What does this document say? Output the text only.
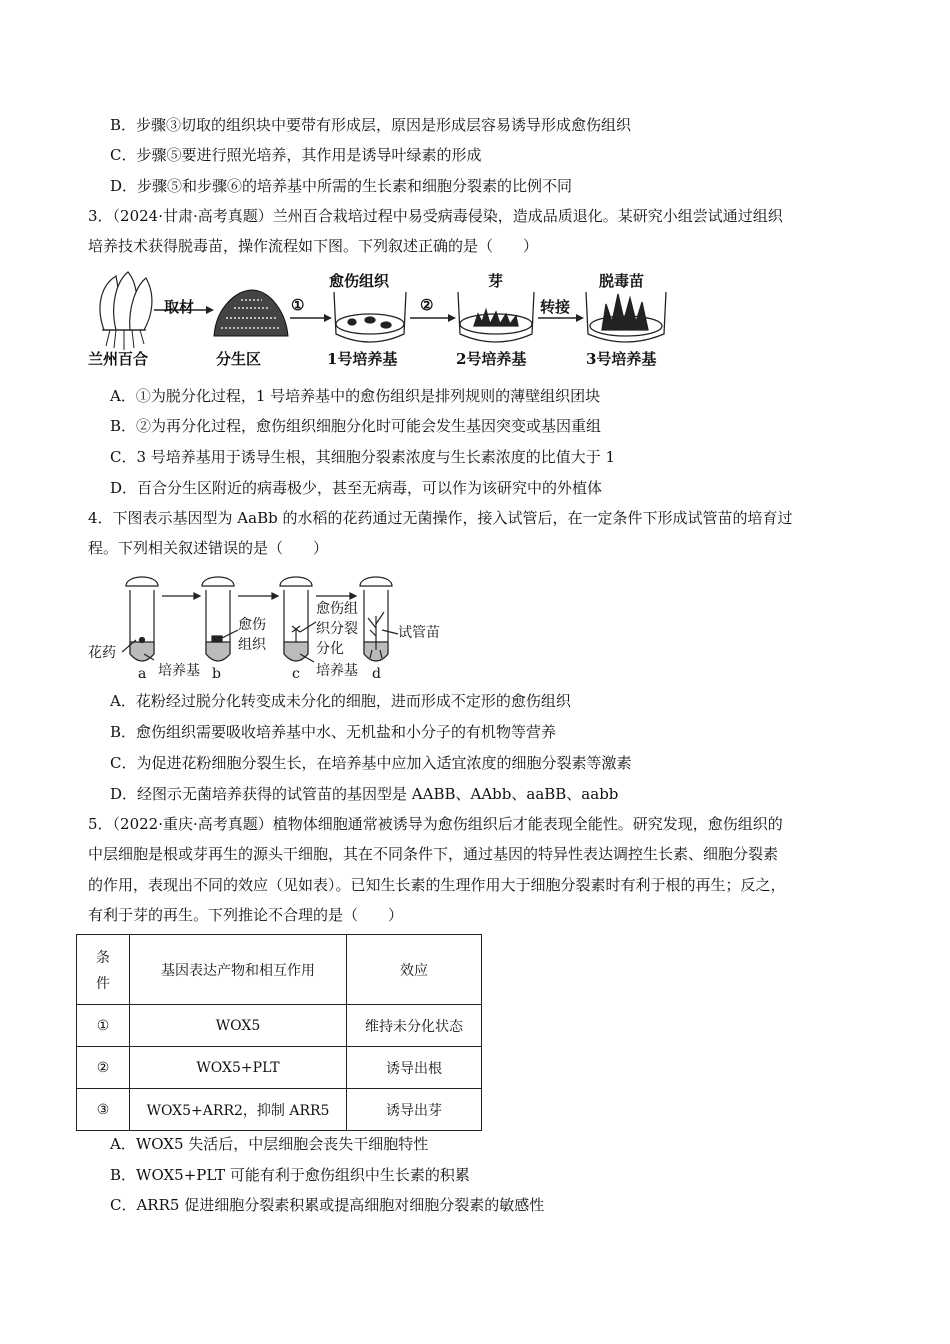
B．步骤③切取的组织块中要带有形成层，原因是形成层容易诱导形成愈伤组织
C．步骤⑤要进行照光培养，其作用是诱导叶绿素的形成
D．步骤⑤和步骤⑥的培养基中所需的生长素和细胞分裂素的比例不同
3．（2024·甘肃·高考真题）兰州百合栽培过程中易受病毒侵染，造成品质退化。某研究小组尝试通过组织
培养技术获得脱毒苗，操作流程如下图。下列叙述正确的是（　　）
取材	①
愈伤组织
②
芽
转接
脱毒苗
兰州百合	分生区	1号培养基	2号培养基	3号培养基
A．①为脱分化过程，1 号培养基中的愈伤组织是排列规则的薄壁组织团块
B．②为再分化过程，愈伤组织细胞分化时可能会发生基因突变或基因重组
C．3 号培养基用于诱导生根，其细胞分裂素浓度与生长素浓度的比值大于 1
D．百合分生区附近的病毒极少，甚至无病毒，可以作为该研究中的外植体
4．下图表示基因型为 AaBb 的水稻的花药通过无菌操作，接入试管后，在一定条件下形成试管苗的培育过
程。下列相关叙述错误的是（　　）
花药
培养基
愈伤
组织
愈伤组
织分裂
分化
培养基
试管苗
a	b	c	d
A．花粉经过脱分化转变成未分化的细胞，进而形成不定形的愈伤组织
B．愈伤组织需要吸收培养基中水、无机盐和小分子的有机物等营养
C．为促进花粉细胞分裂生长，在培养基中应加入适宜浓度的细胞分裂素等激素
D．经图示无菌培养获得的试管苗的基因型是 AABB、AAbb、aaBB、aabb
5．（2022·重庆·高考真题）植物体细胞通常被诱导为愈伤组织后才能表现全能性。研究发现，愈伤组织的
中层细胞是根或芽再生的源头干细胞，其在不同条件下，通过基因的特异性表达调控生长素、细胞分裂素
的作用，表现出不同的效应（见如表）。已知生长素的生理作用大于细胞分裂素时有利于根的再生；反之，
有利于芽的再生。下列推论不合理的是（　　）
条
件	基因表达产物和相互作用	效应
①	WOX5	维持未分化状态
②	WOX5+PLT	诱导出根
③	WOX5+ARR2，抑制 ARR5	诱导出芽
A．WOX5 失活后，中层细胞会丧失干细胞特性
B．WOX5+PLT 可能有利于愈伤组织中生长素的积累
C．ARR5 促进细胞分裂素积累或提高细胞对细胞分裂素的敏感性
